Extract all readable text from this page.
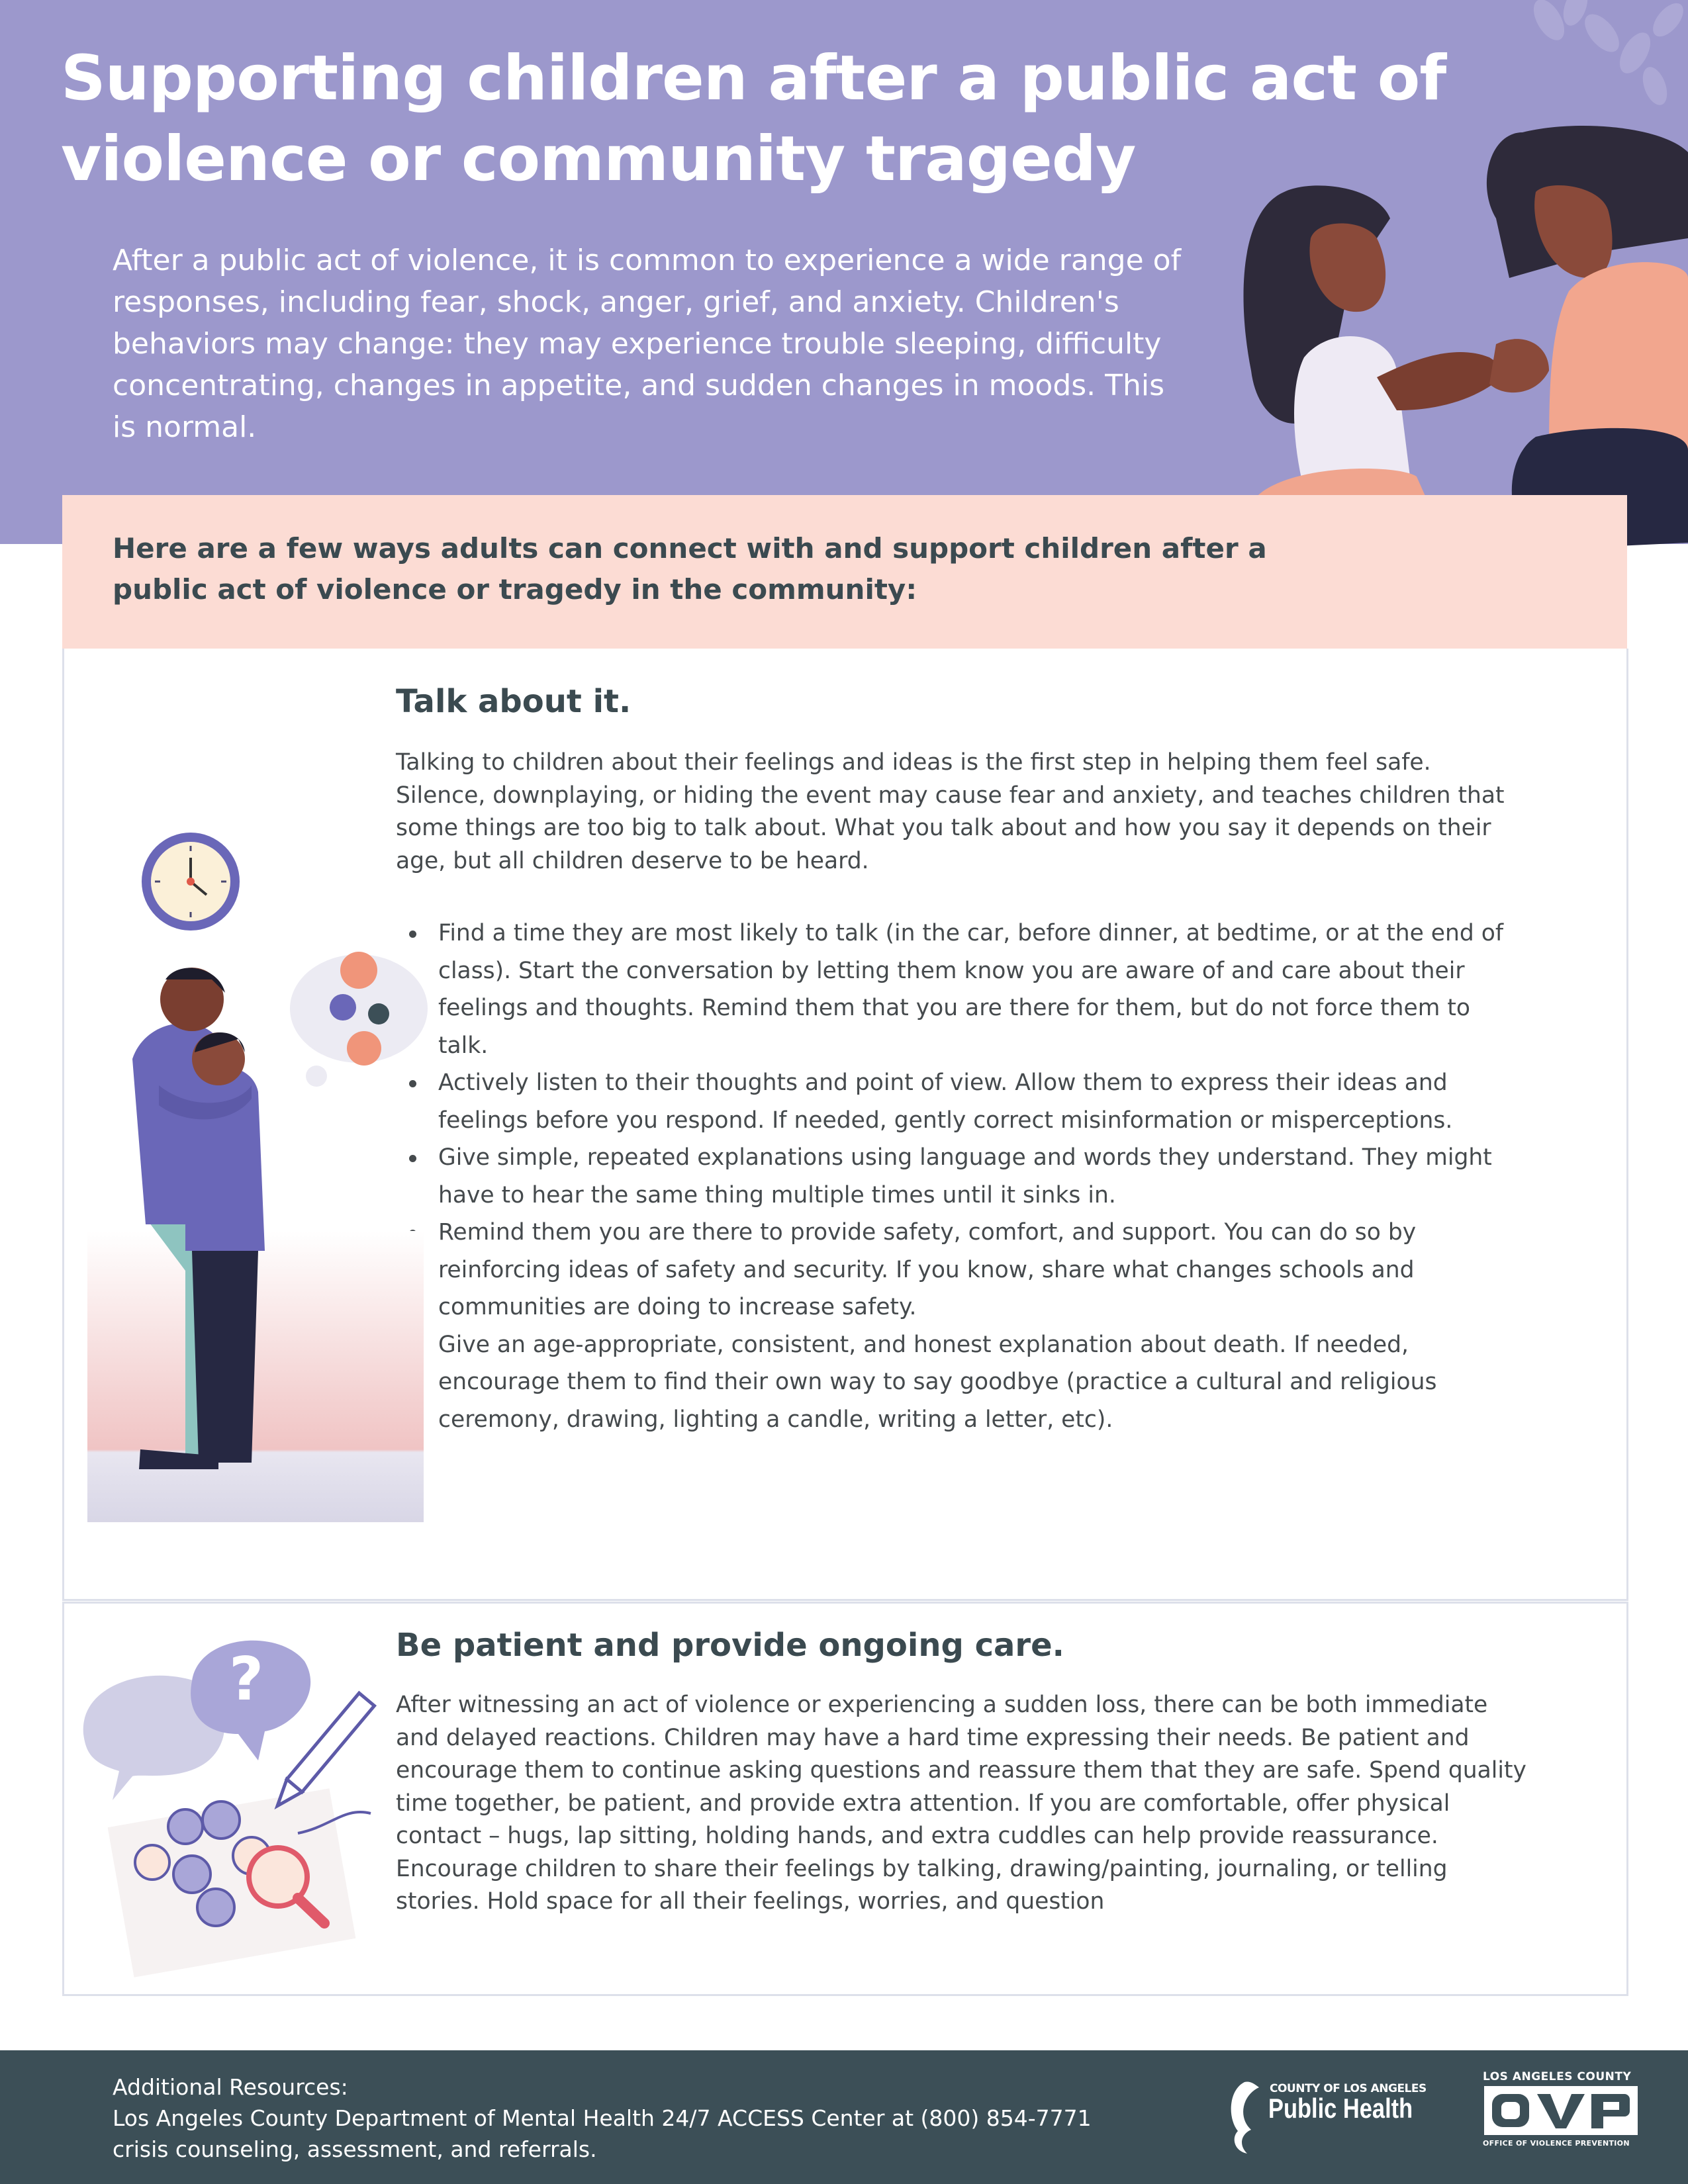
Supporting children after a public act of violence or community tragedy

After a public act of violence, it is common to experience a wide range of responses, including fear, shock, anger, grief, and anxiety. Children's behaviors may change: they may experience trouble sleeping, difficulty concentrating, changes in appetite, and sudden changes in moods. This is normal.

Here are a few ways adults can connect with and support children after a public act of violence or tragedy in the community:

Talk about it.

Talking to children about their feelings and ideas is the first step in helping them feel safe. Silence, downplaying, or hiding the event may cause fear and anxiety, and teaches children that some things are too big to talk about. What you talk about and how you say it depends on their age, but all children deserve to be heard.

Find a time they are most likely to talk (in the car, before dinner, at bedtime, or at the end of class). Start the conversation by letting them know you are aware of and care about their feelings and thoughts. Remind them that you are there for them, but do not force them to talk.
Actively listen to their thoughts and point of view. Allow them to express their ideas and feelings before you respond. If needed, gently correct misinformation or misperceptions.
Give simple, repeated explanations using language and words they understand. They might have to hear the same thing multiple times until it sinks in.
Remind them you are there to provide safety, comfort, and support. You can do so by reinforcing ideas of safety and security. If you know, share what changes schools and communities are doing to increase safety.
Give an age-appropriate, consistent, and honest explanation about death. If needed, encourage them to find their own way to say goodbye (practice a cultural and religious ceremony, drawing, lighting a candle, writing a letter, etc).
Be patient and provide ongoing care.

After witnessing an act of violence or experiencing a sudden loss, there can be both immediate and delayed reactions. Children may have a hard time expressing their needs. Be patient and encourage them to continue asking questions and reassure them that they are safe. Spend quality time together, be patient, and provide extra attention. If you are comfortable, offer physical contact – hugs, lap sitting, holding hands, and extra cuddles can help provide reassurance. Encourage children to share their feelings by talking, drawing/painting, journaling, or telling stories. Hold space for all their feelings, worries, and question

?
Additional Resources:
Los Angeles County Department of Mental Health 24/7 ACCESS Center at (800) 854-7771
crisis counseling, assessment, and referrals.
COUNTY OF LOS ANGELES
Public Health
LOS ANGELES COUNTY
OFFICE OF VIOLENCE PREVENTION
